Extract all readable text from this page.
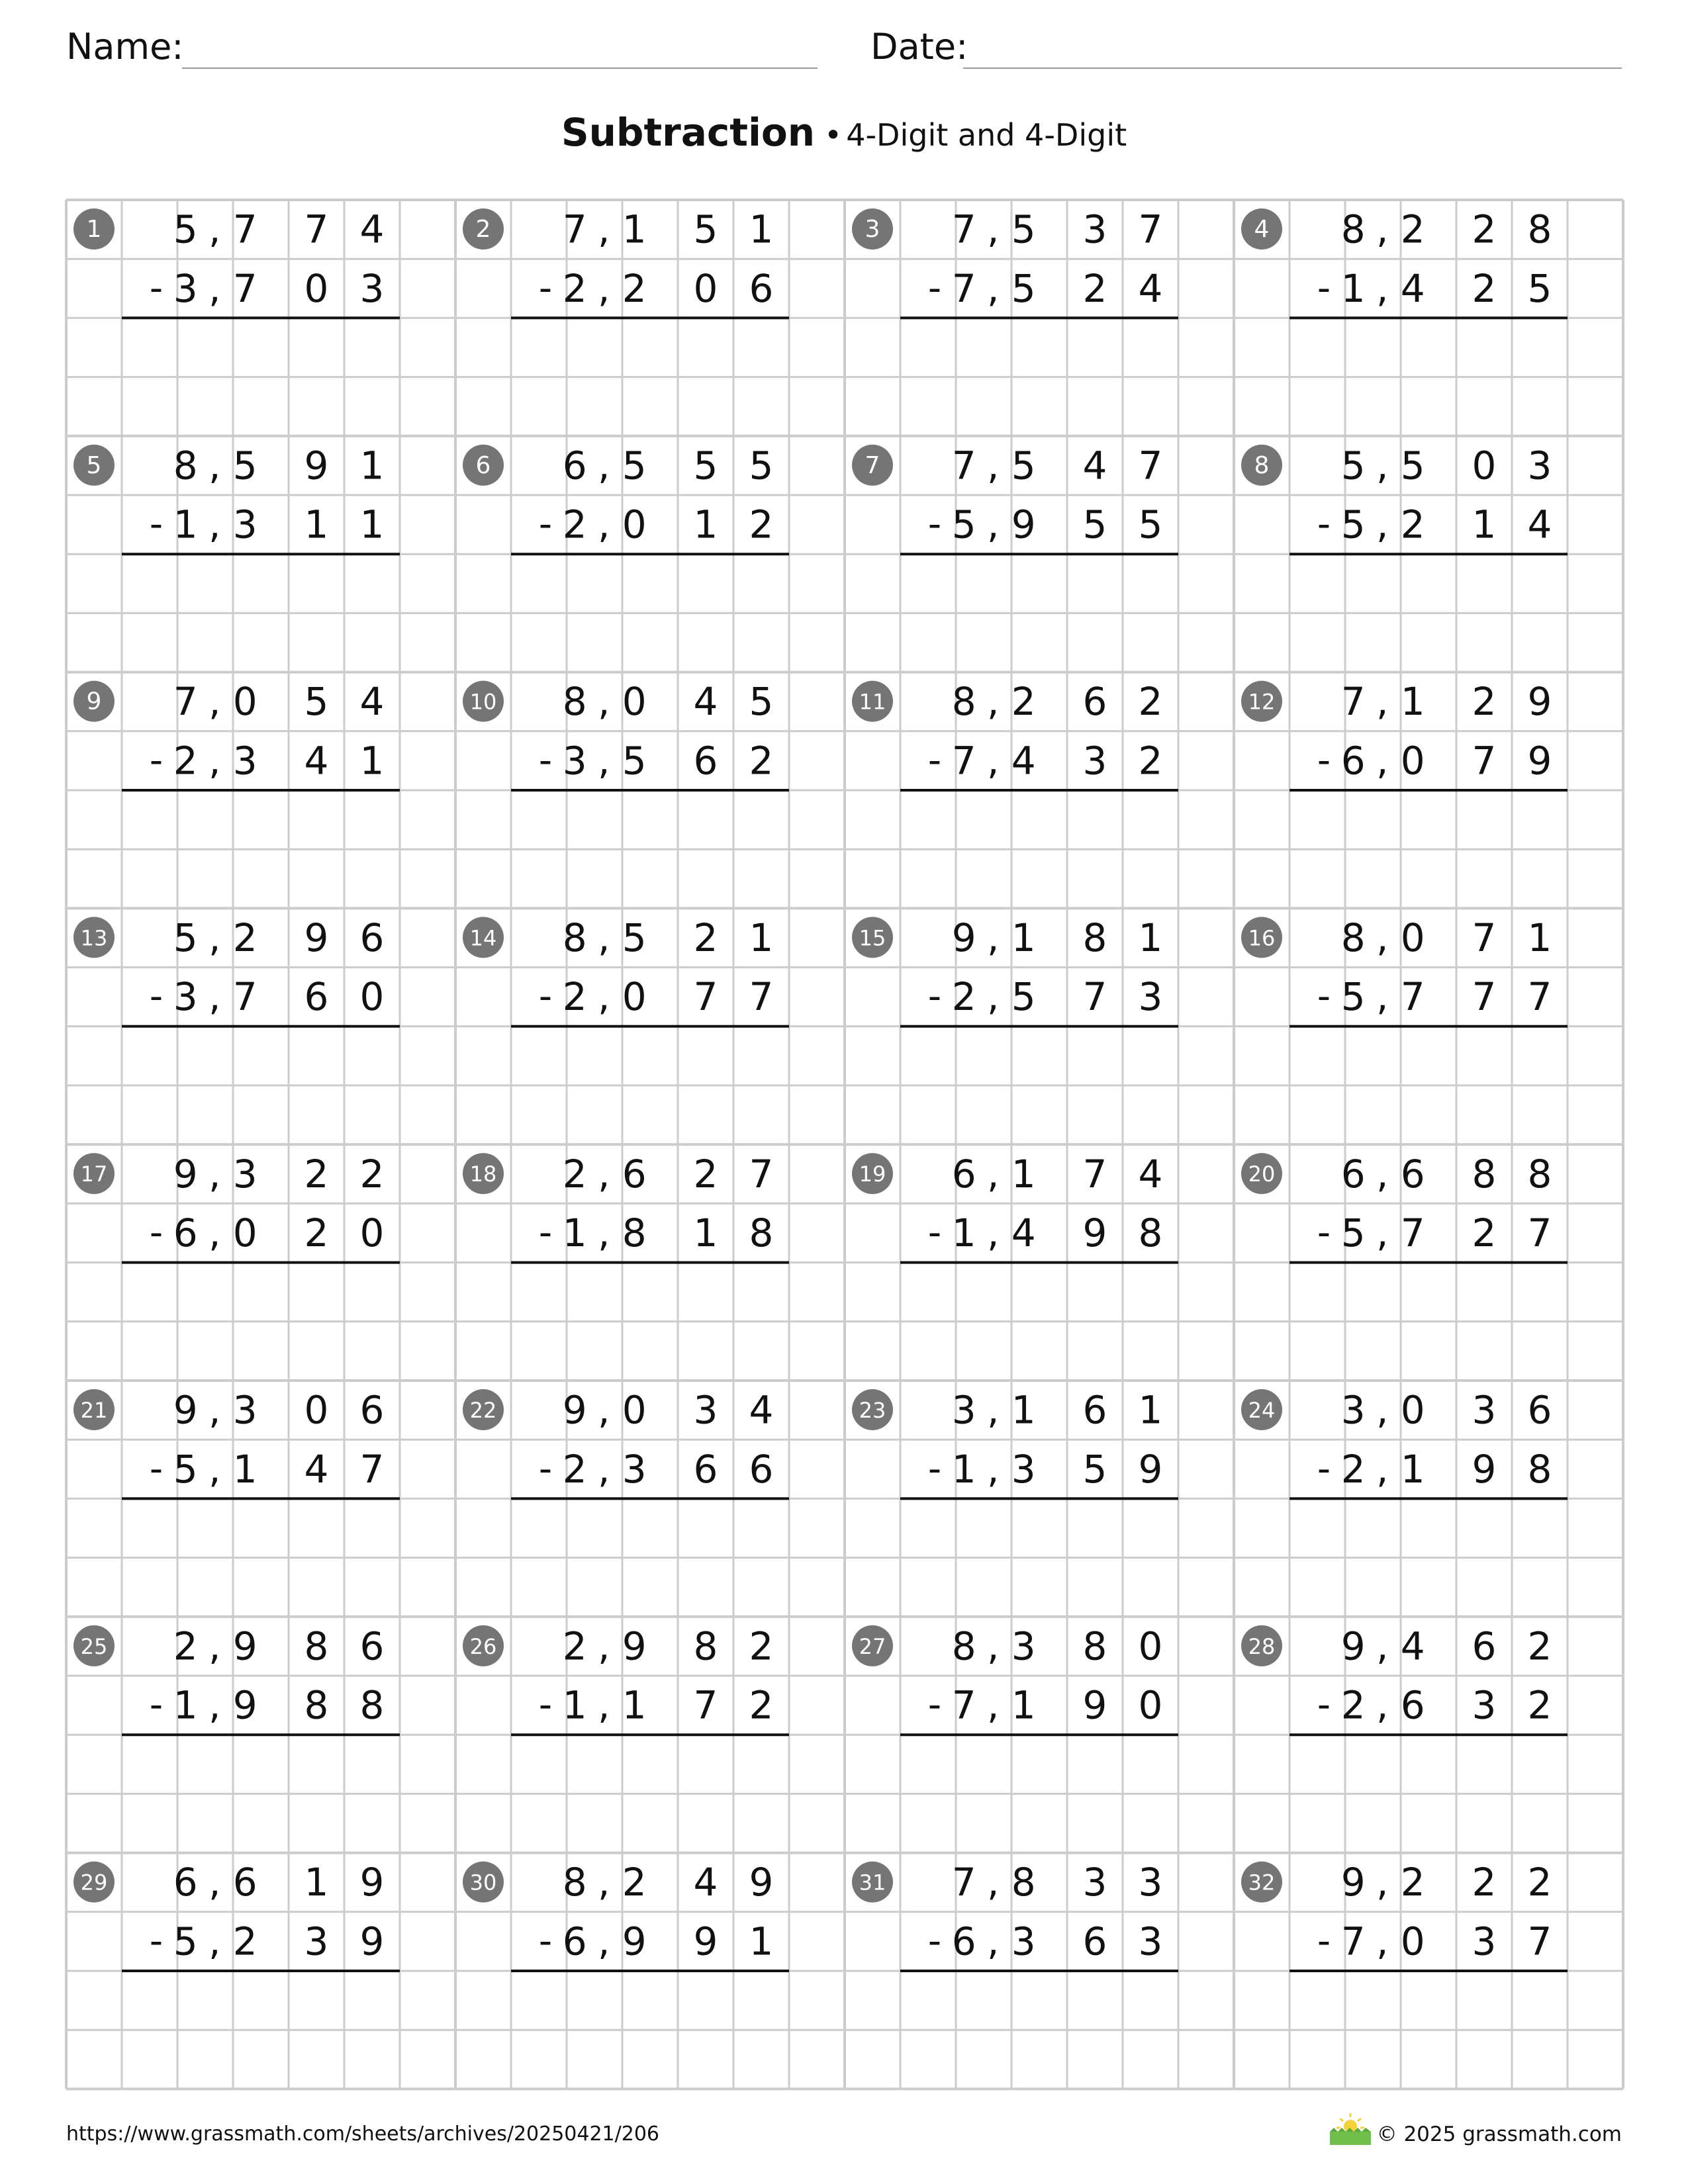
Name:	Date:
Subtraction • 4-Digit and 4-Digit
1 5 , 7 7 4
3 , 7 0 3
-
2 7 , 1 5 1
2 , 2 0 6
-
3 7 , 5 3 7
7 , 5 2 4
-
4 8 , 2 2 8
1 , 4 2 5
-
5 8 , 5 9 1
1 , 3 1 1
-
6 6 , 5 5 5
2 , 0 1 2
-
7 7 , 5 4 7
5 , 9 5 5
-
8 5 , 5 0 3
5 , 2 1 4
-
9 7 , 0 5 4
2 , 3 4 1
-
10 8 , 0 4 5
3 , 5 6 2
-
11 8 , 2 6 2
7 , 4 3 2
-
12 7 , 1 2 9
6 , 0 7 9
-
13 5 , 2 9 6
3 , 7 6 0
-
14 8 , 5 2 1
2 , 0 7 7
-
15 9 , 1 8 1
2 , 5 7 3
-
16 8 , 0 7 1
5 , 7 7 7
-
17 9 , 3 2 2
6 , 0 2 0
-
18 2 , 6 2 7
1 , 8 1 8
-
19 6 , 1 7 4
1 , 4 9 8
-
20 6 , 6 8 8
5 , 7 2 7
-
21 9 , 3 0 6
5 , 1 4 7
-
22 9 , 0 3 4
2 , 3 6 6
-
23 3 , 1 6 1
1 , 3 5 9
-
24 3 , 0 3 6
2 , 1 9 8
-
25 2 , 9 8 6
1 , 9 8 8
-
26 2 , 9 8 2
1 , 1 7 2
-
27 8 , 3 8 0
7 , 1 9 0
-
28 9 , 4 6 2
2 , 6 3 2
-
29 6 , 6 1 9
5 , 2 3 9
-
30 8 , 2 4 9
6 , 9 9 1
-
31 7 , 8 3 3
6 , 3 6 3
-
32 9 , 2 2 2
7 , 0 3 7
-
https://www.grassmath.com/sheets/archives/20250421/206	© 2025 grassmath.com
